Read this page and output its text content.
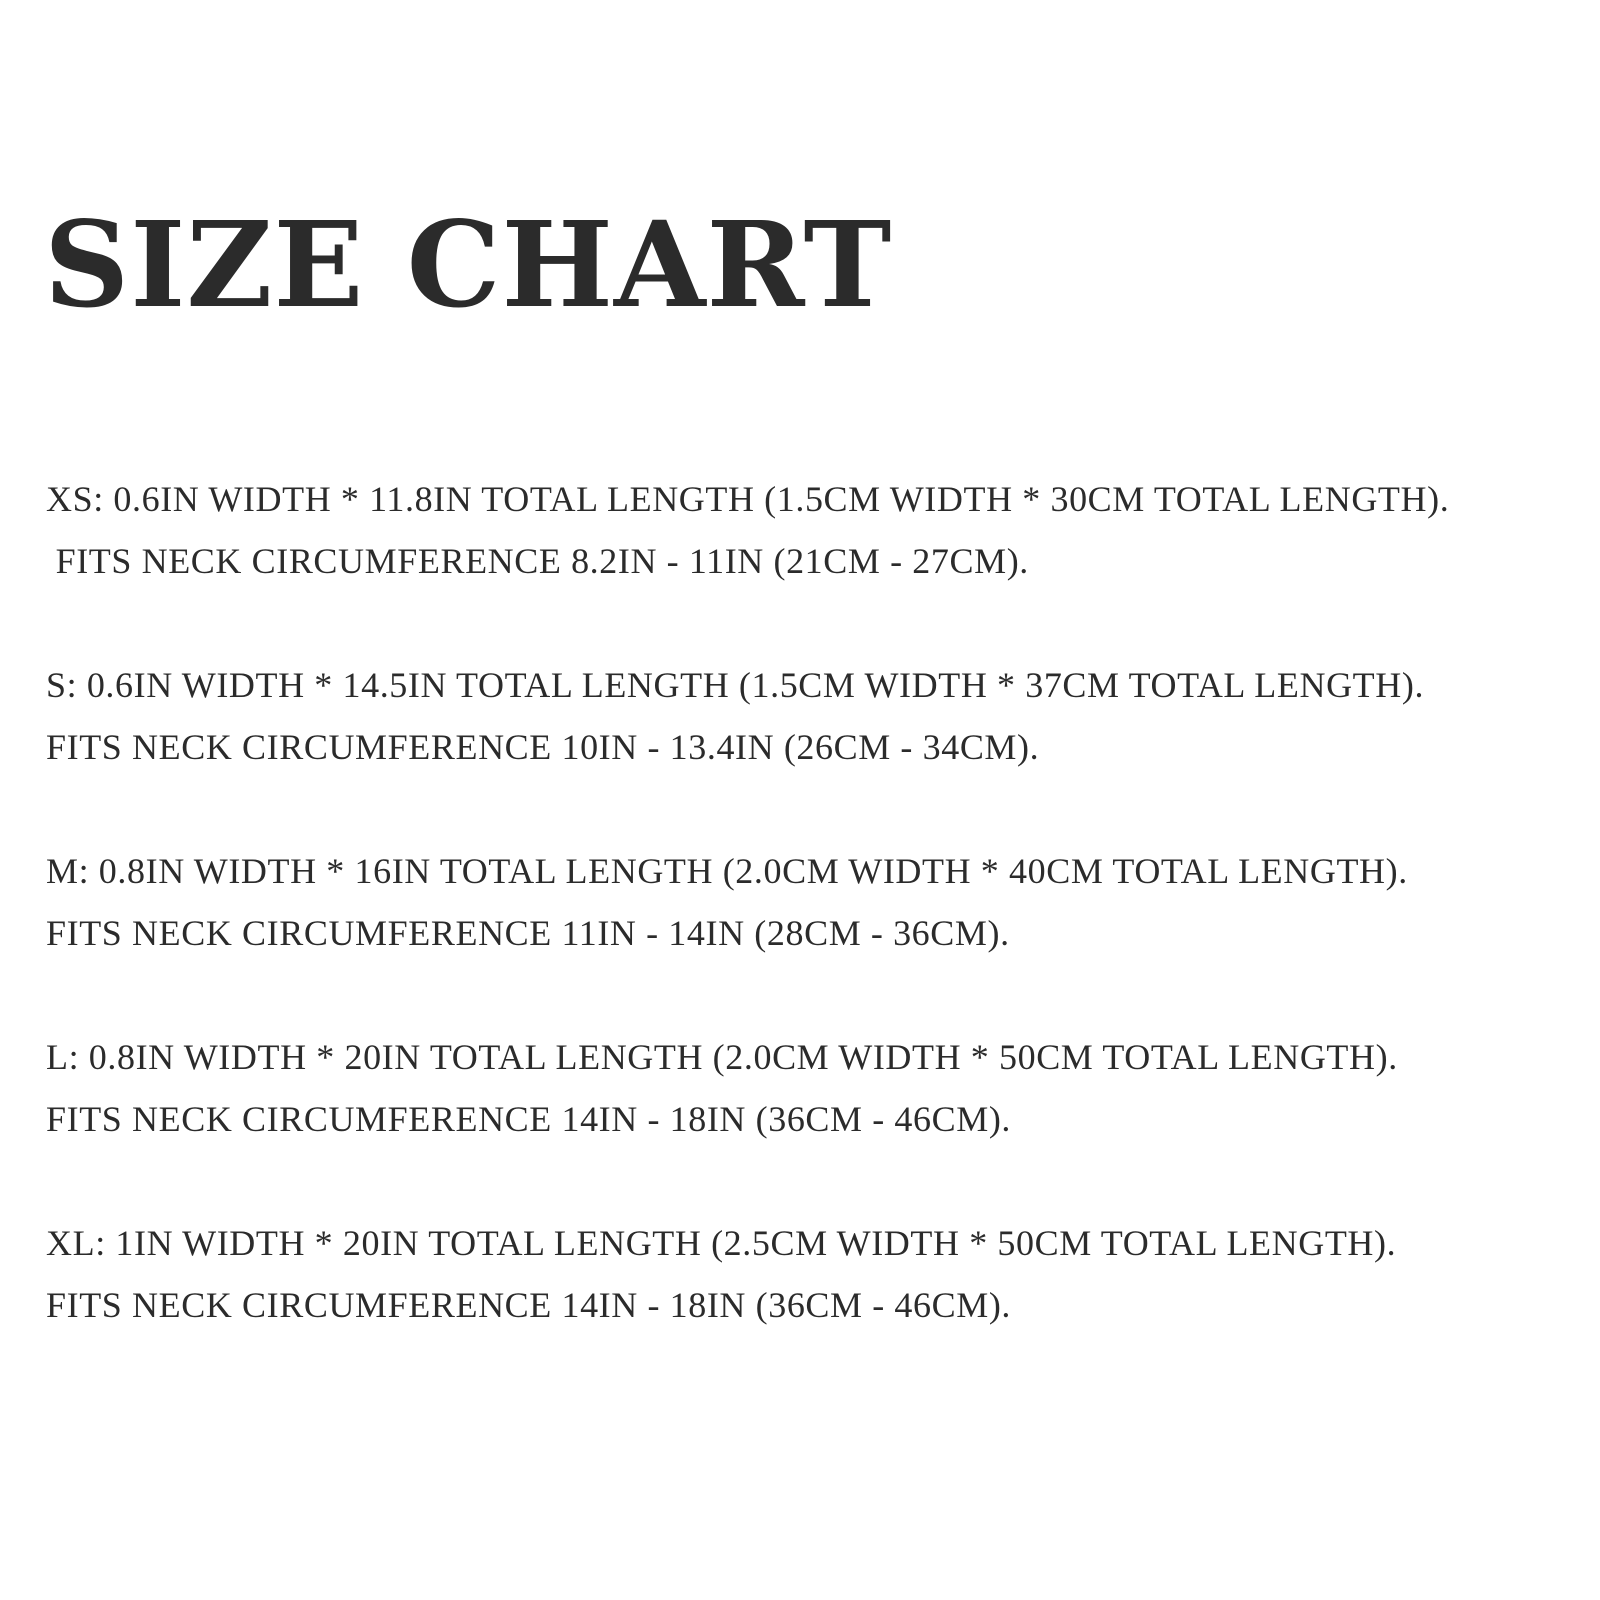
SIZE CHART
XS: 0.6IN WIDTH * 11.8IN TOTAL LENGTH (1.5CM WIDTH * 30CM TOTAL LENGTH).
FITS NECK CIRCUMFERENCE 8.2IN - 11IN (21CM - 27CM).
S: 0.6IN WIDTH * 14.5IN TOTAL LENGTH (1.5CM WIDTH * 37CM TOTAL LENGTH).
FITS NECK CIRCUMFERENCE 10IN - 13.4IN (26CM - 34CM).
M: 0.8IN WIDTH * 16IN TOTAL LENGTH (2.0CM WIDTH * 40CM TOTAL LENGTH).
FITS NECK CIRCUMFERENCE 11IN - 14IN (28CM - 36CM).
L: 0.8IN WIDTH * 20IN TOTAL LENGTH (2.0CM WIDTH * 50CM TOTAL LENGTH).
FITS NECK CIRCUMFERENCE 14IN - 18IN (36CM - 46CM).
XL: 1IN WIDTH * 20IN TOTAL LENGTH (2.5CM WIDTH * 50CM TOTAL LENGTH).
FITS NECK CIRCUMFERENCE 14IN - 18IN (36CM - 46CM).
